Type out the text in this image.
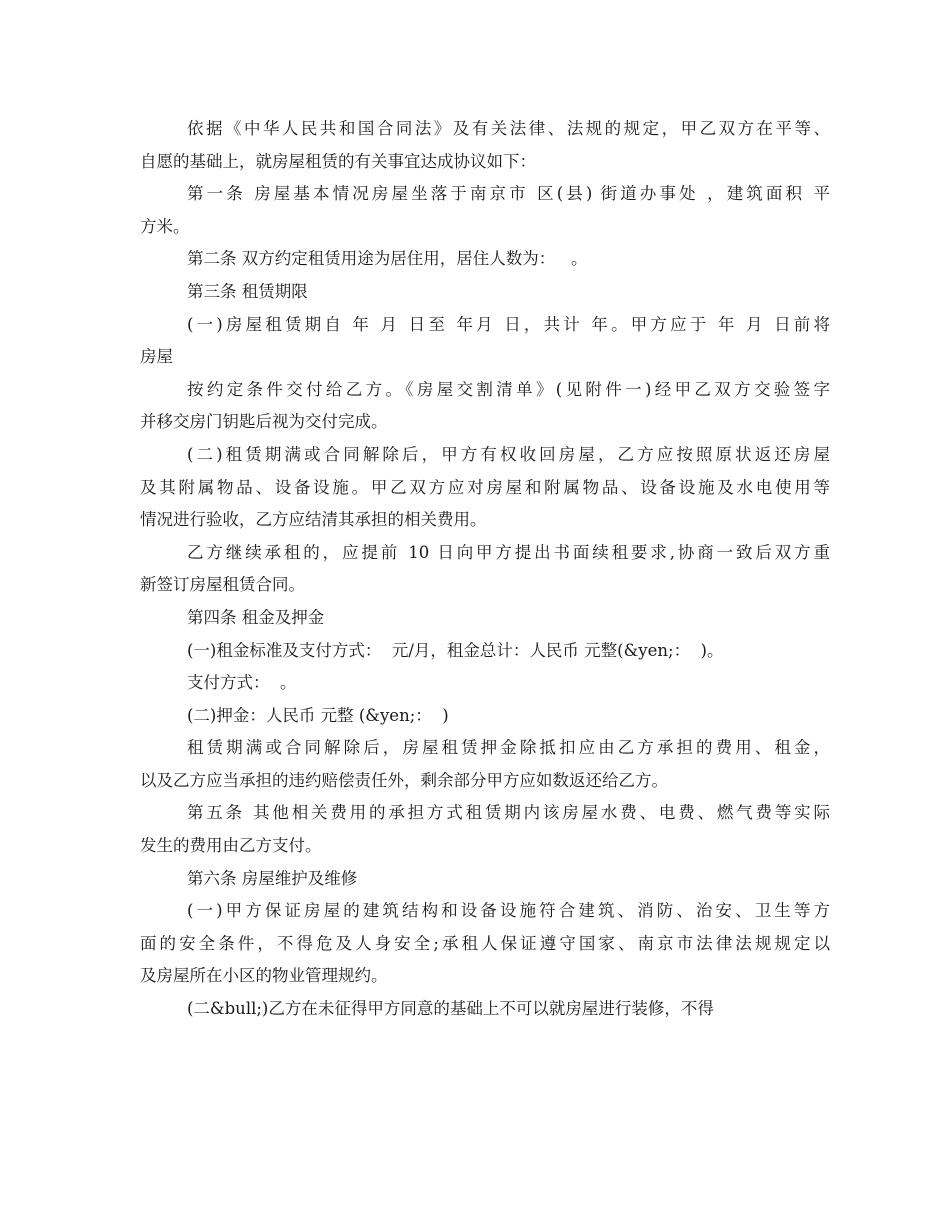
依据《中华人民共和国合同法》及有关法律、法规的规定，甲乙双方在平等、
自愿的基础上，就房屋租赁的有关事宜达成协议如下：
第一条 房屋基本情况房屋坐落于南京市 区(县) 街道办事处 ，建筑面积 平
方米。
第二条 双方约定租赁用途为居住用，居住人数为：   。
第三条 租赁期限
(一)房屋租赁期自 年 月 日至 年月 日，共计 年。甲方应于 年 月 日前将
房屋
按约定条件交付给乙方。《房屋交割清单》(见附件一)经甲乙双方交验签字
并移交房门钥匙后视为交付完成。
(二)租赁期满或合同解除后，甲方有权收回房屋，乙方应按照原状返还房屋
及其附属物品、设备设施。甲乙双方应对房屋和附属物品、设备设施及水电使用等
情况进行验收，乙方应结清其承担的相关费用。
乙方继续承租的，应提前 10 日向甲方提出书面续租要求,协商一致后双方重
新签订房屋租赁合同。
第四条 租金及押金
(一)租金标准及支付方式：  元/月，租金总计：人民币 元整(&yen;：  )。
支付方式：  。
(二)押金：人民币 元整 (&yen;：  )
租赁期满或合同解除后，房屋租赁押金除抵扣应由乙方承担的费用、租金，
以及乙方应当承担的违约赔偿责任外，剩余部分甲方应如数返还给乙方。
第五条 其他相关费用的承担方式租赁期内该房屋水费、电费、燃气费等实际
发生的费用由乙方支付。
第六条 房屋维护及维修
(一)甲方保证房屋的建筑结构和设备设施符合建筑、消防、治安、卫生等方
面的安全条件，不得危及人身安全;承租人保证遵守国家、南京市法律法规规定以
及房屋所在小区的物业管理规约。
(二&bull;)乙方在未征得甲方同意的基础上不可以就房屋进行装修，不得
